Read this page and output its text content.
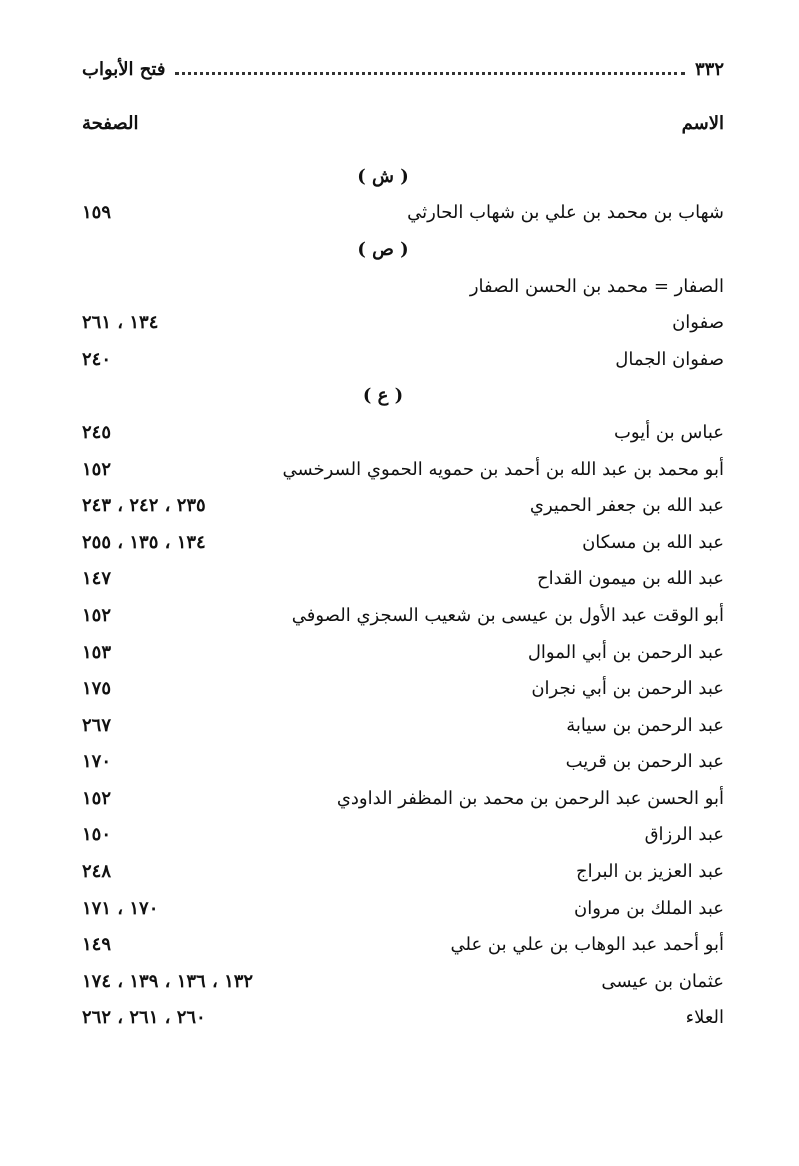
٣٣٢
فتح الأبواب
الاسم
الصفحة
( ش )
شهاب بن محمد بن علي بن شهاب الحارثي
١٥٩
( ص )
الصفار = محمد بن الحسن الصفار
صفوان
١٣٤ ، ٢٦١
صفوان الجمال
٢٤٠
( ع )
عباس بن أيوب
٢٤٥
أبو محمد بن عبد الله بن أحمد بن حمويه الحموي السرخسي
١٥٢
عبد الله بن جعفر الحميري
٢٣٥ ، ٢٤٢ ، ٢٤٣
عبد الله بن مسكان
١٣٤ ، ١٣٥ ، ٢٥٥
عبد الله بن ميمون القداح
١٤٧
أبو الوقت عبد الأول بن عيسى بن شعيب السجزي الصوفي
١٥٢
عبد الرحمن بن أبي الموال
١٥٣
عبد الرحمن بن أبي نجران
١٧٥
عبد الرحمن بن سيابة
٢٦٧
عبد الرحمن بن قريب
١٧٠
أبو الحسن عبد الرحمن بن محمد بن المظفر الداودي
١٥٢
عبد الرزاق
١٥٠
عبد العزيز بن البراج
٢٤٨
عبد الملك بن مروان
١٧٠ ، ١٧١
أبو أحمد عبد الوهاب بن علي بن علي
١٤٩
عثمان بن عيسى
١٣٢ ، ١٣٦ ، ١٣٩ ، ١٧٤
العلاء
٢٦٠ ، ٢٦١ ، ٢٦٢
